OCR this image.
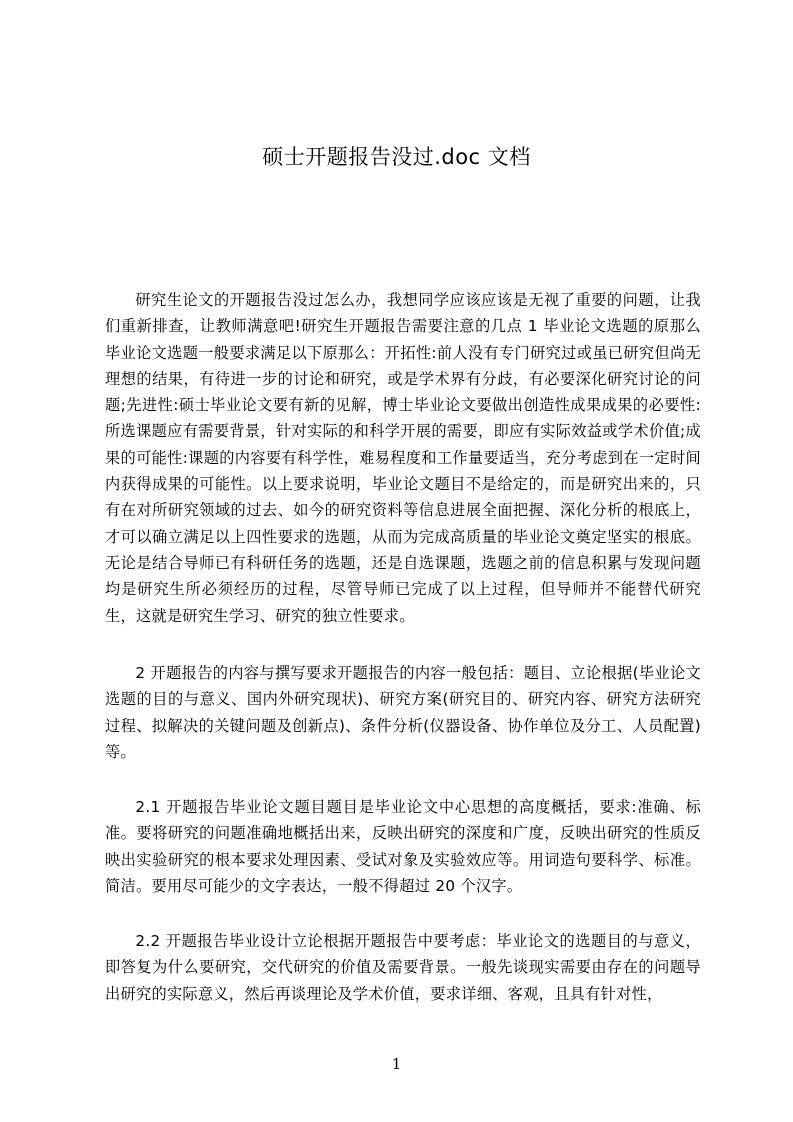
硕士开题报告没过.doc 文档

研究生论文的开题报告没过怎么办，我想同学应该应该是无视了重要的问题，让我们重新排查，让教师满意吧!研究生开题报告需要注意的几点 1 毕业论文选题的原那么毕业论文选题一般要求满足以下原那么：开拓性:前人没有专门研究过或虽已研究但尚无理想的结果，有待进一步的讨论和研究，或是学术界有分歧，有必要深化研究讨论的问题;先进性:硕士毕业论文要有新的见解，博士毕业论文要做出创造性成果成果的必要性:所选课题应有需要背景，针对实际的和科学开展的需要，即应有实际效益或学术价值;成果的可能性:课题的内容要有科学性，难易程度和工作量要适当，充分考虑到在一定时间内获得成果的可能性。以上要求说明，毕业论文题目不是给定的，而是研究出来的，只有在对所研究领域的过去、如今的研究资料等信息进展全面把握、深化分析的根底上，才可以确立满足以上四性要求的选题，从而为完成高质量的毕业论文奠定坚实的根底。无论是结合导师已有科研任务的选题，还是自选课题，选题之前的信息积累与发现问题均是研究生所必须经历的过程，尽管导师已完成了以上过程，但导师并不能替代研究生，这就是研究生学习、研究的独立性要求。

2 开题报告的内容与撰写要求开题报告的内容一般包括：题目、立论根据(毕业论文选题的目的与意义、国内外研究现状)、研究方案(研究目的、研究内容、研究方法研究过程、拟解决的关键问题及创新点)、条件分析(仪器设备、协作单位及分工、人员配置)等。

2.1 开题报告毕业论文题目题目是毕业论文中心思想的高度概括，要求:准确、标准。要将研究的问题准确地概括出来，反映出研究的深度和广度，反映出研究的性质反映出实验研究的根本要求处理因素、受试对象及实验效应等。用词造句要科学、标准。简洁。要用尽可能少的文字表达，一般不得超过 20 个汉字。

2.2 开题报告毕业设计立论根据开题报告中要考虑：毕业论文的选题目的与意义，即答复为什么要研究，交代研究的价值及需要背景。一般先谈现实需要由存在的问题导出研究的实际意义，然后再谈理论及学术价值，要求详细、客观，且具有针对性，

1
